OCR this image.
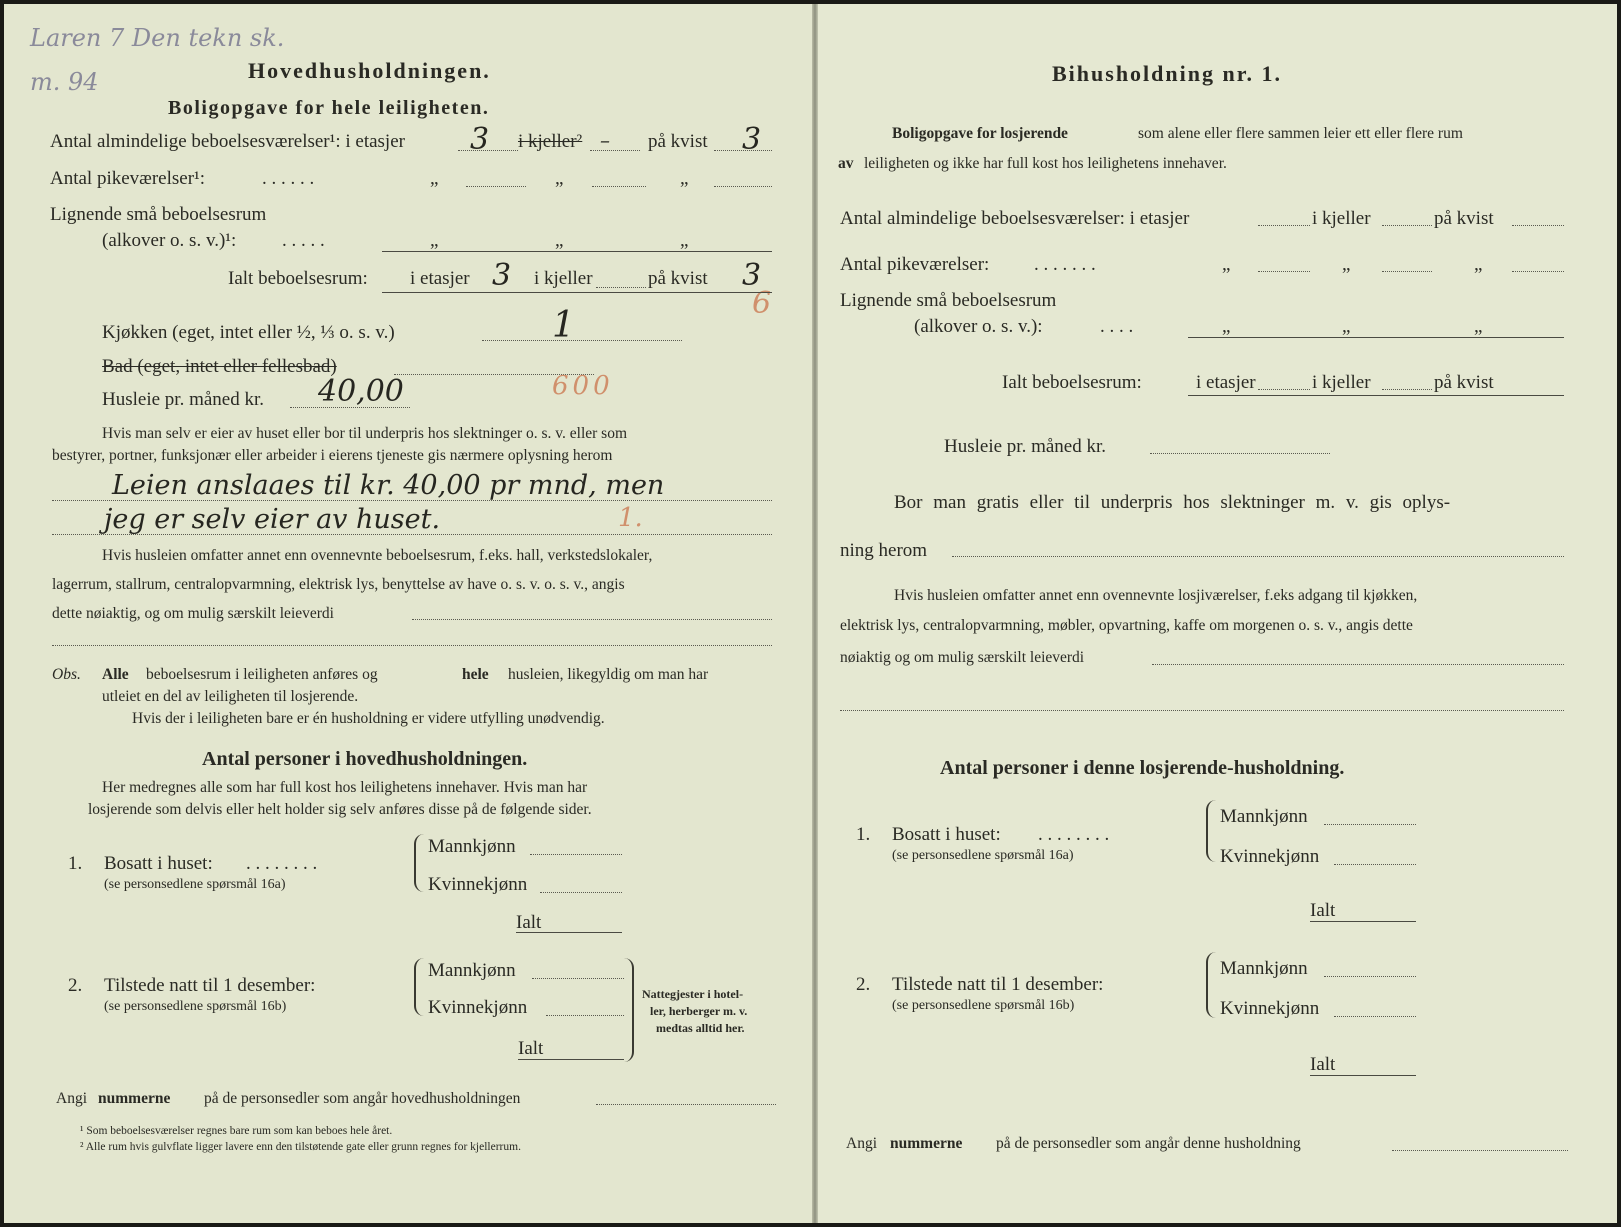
Laren 7 Den tekn sk.
m. 94	Hovedhusholdningen.
Boligopgave for hele leiligheten.
Antal almindelige beboelsesværelser¹: i etasjer 3 i kjeller² – på kvist 3
Antal pikeværelser¹:	. . . . . .	„	„	„
Lignende små beboelsesrum
(alkover o. s. v.)¹: . . . . .	„	„	„
Ialt beboelsesrum: i etasjer 3 i kjeller	på kvist 3
6
Kjøkken (eget, intet eller ½, ⅓ o. s. v.)	1
Bad (eget, intet eller fellesbad)
Husleie pr. måned kr. 40,00	600
Hvis man selv er eier av huset eller bor til underpris hos slektninger o. s. v. eller som
bestyrer, portner, funksjonær eller arbeider i eierens tjeneste gis nærmere oplysning herom
Leien anslaaes til kr. 40,00 pr mnd, men
jeg er selv eier av huset.	1.
Hvis husleien omfatter annet enn ovennevnte beboelsesrum, f.eks. hall, verkstedslokaler,
lagerrum, stallrum, centralopvarmning, elektrisk lys, benyttelse av have o. s. v. o. s. v., angis
dette nøiaktig, og om mulig særskilt leieverdi
Obs. Alle beboelsesrum i leiligheten anføres og	hele husleien, likegyldig om man har
utleiet en del av leiligheten til losjerende.
Hvis der i leiligheten bare er én husholdning er videre utfylling unødvendig.
Antal personer i hovedhusholdningen.
Her medregnes alle som har full kost hos leilighetens innehaver. Hvis man har
losjerende som delvis eller helt holder sig selv anføres disse på de følgende sider.
1. Bosatt i huset: . . . . . . . .
(se personsedlene spørsmål 16a)
Mannkjønn
Kvinnekjønn
Ialt
2. Tilstede natt til 1 desember:
(se personsedlene spørsmål 16b)
Mannkjønn
Kvinnekjønn
Ialt
Nattegjester i hotel-
ler, herberger m. v.
medtas alltid her.
Angi nummerne på de personsedler som angår hovedhusholdningen
¹ Som beboelsesværelser regnes bare rum som kan beboes hele året.
² Alle rum hvis gulvflate ligger lavere enn den tilstøtende gate eller grunn regnes for kjellerrum.
Bihusholdning nr. 1.
Boligopgave for losjerende	som alene eller flere sammen leier ett eller flere rum
av leiligheten og ikke har full kost hos leilighetens innehaver.
Antal almindelige beboelsesværelser: i etasjer	i kjeller	på kvist
Antal pikeværelser: . . . . . . .	„	„	„
Lignende små beboelsesrum
(alkover o. s. v.):	. . . .	„	„	„
Ialt beboelsesrum:	i etasjer	i kjeller	på kvist
Husleie pr. måned kr.
Bor man gratis eller til underpris hos slektninger m. v. gis oplys-
ning herom
Hvis husleien omfatter annet enn ovennevnte losjiværelser, f.eks adgang til kjøkken,
elektrisk lys, centralopvarmning, møbler, opvartning, kaffe om morgenen o. s. v., angis dette
nøiaktig og om mulig særskilt leieverdi
Antal personer i denne losjerende-husholdning.
1. Bosatt i huset: . . . . . . . .
(se personsedlene spørsmål 16a)
Mannkjønn
Kvinnekjønn
Ialt
2. Tilstede natt til 1 desember:
(se personsedlene spørsmål 16b)
Mannkjønn
Kvinnekjønn
Ialt
Angi nummerne på de personsedler som angår denne husholdning
